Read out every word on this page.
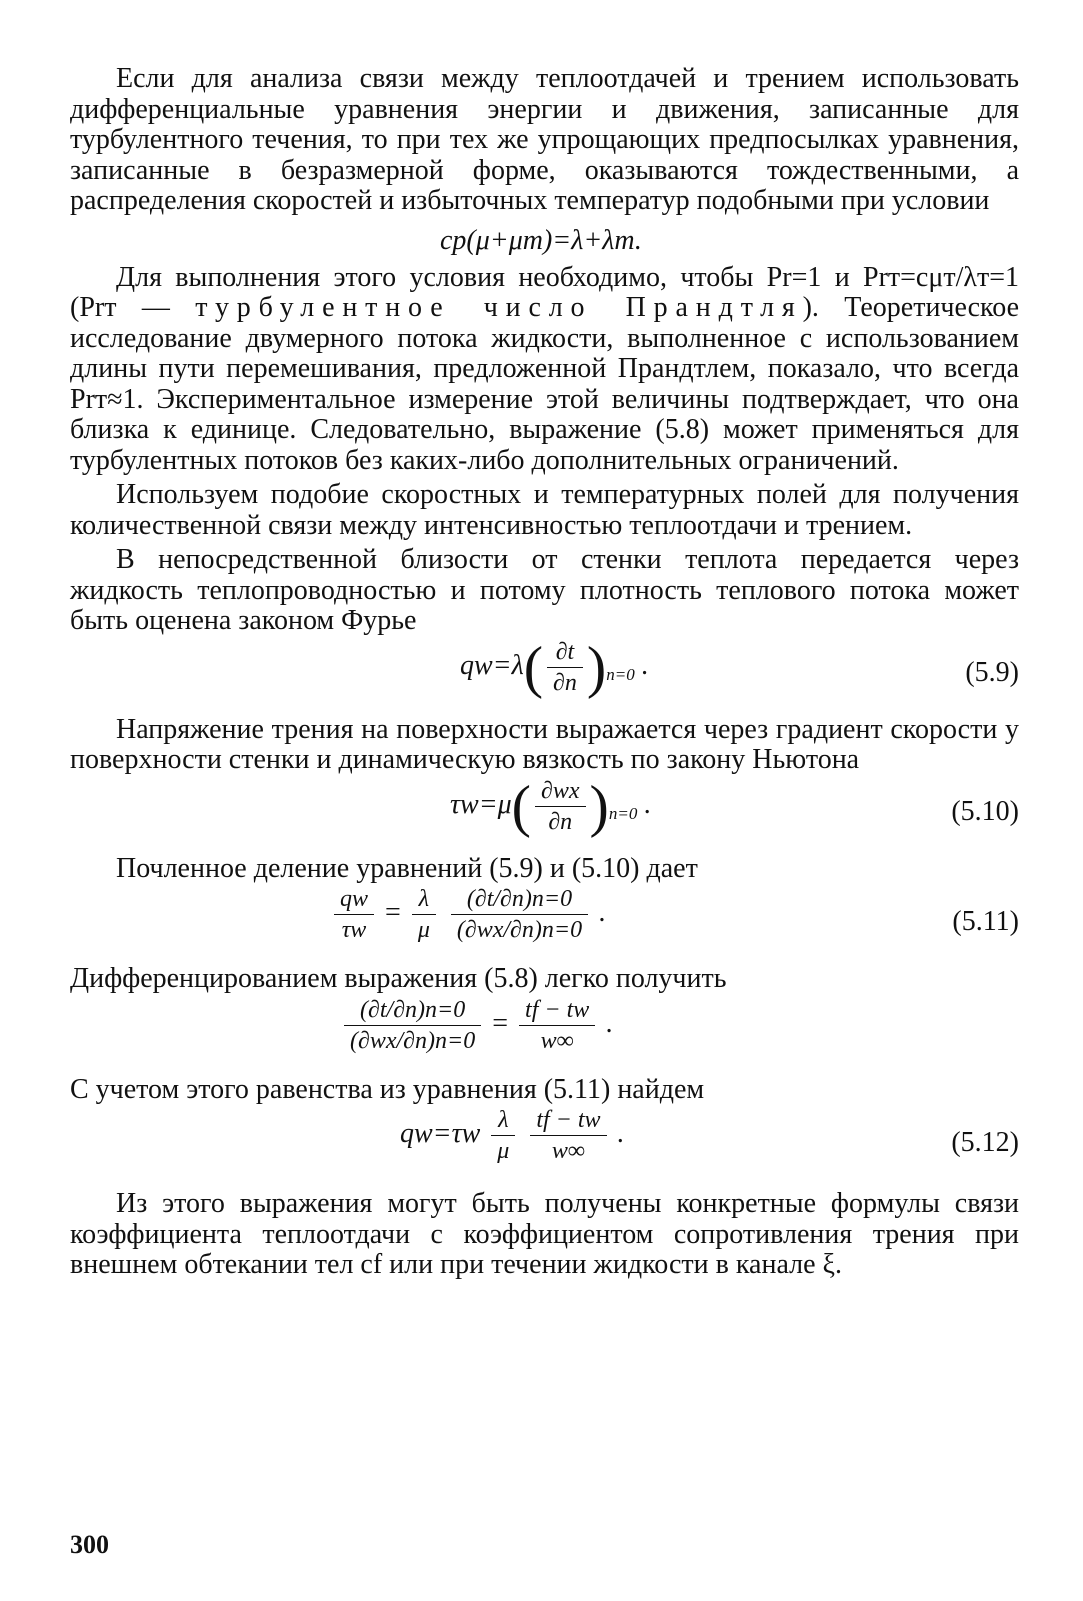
Если для анализа связи между теплоотдачей и трением использовать дифференциальные уравнения энергии и движения, записанные для турбулентного течения, то при тех же упрощающих предпосылках уравнения, записанные в безразмерной форме, оказываются тождественными, а распределения скоростей и избыточных температур подобными при условии

cp(μ+μт)=λ+λт.

Для выполнения этого условия необходимо, чтобы Pr=1 и Prт=cμт/λт=1 (Prт — турбулентное число Прандтля). Теоретическое исследование двумерного потока жидкости, выполненное с использованием длины пути перемешивания, предложенной Прандтлем, показало, что всегда Prт≈1. Экспериментальное измерение этой величины подтверждает, что она близка к единице. Следовательно, выражение (5.8) может применяться для турбулентных потоков без каких-либо дополнительных ограничений.

Используем подобие скоростных и температурных полей для получения количественной связи между интенсивностью теплоотдачи и трением.

В непосредственной близости от стенки теплота передается через жидкость теплопроводностью и потому плотность теплового потока может быть оценена законом Фурье

$qw=\lambda( \frac{\partial t}{\partial n} )_{n=0}$ .	(5.9)

Напряжение трения на поверхности выражается через градиент скорости у поверхности стенки и динамическую вязкость по закону Ньютона

$\tau w=\mu( \frac{\partial wx}{\partial n} )_{n=0}$ .	(5.10)

Почленное деление уравнений (5.9) и (5.10) дает

$\frac{qw}{\tau w} = \frac{\lambda}{\mu}$
$\frac{(\partial t/\partial n)n=0}{(\partial wx/\partial n)n=0}$ .	(5.11)

Дифференцированием выражения (5.8) легко получить

$\frac{(\partial t/\partial n)n=0}{(\partial wx/\partial n)n=0} = \frac{tf - tw}{w\infty}$ .

С учетом этого равенства из уравнения (5.11) найдем

$qw=\tau w \frac{\lambda}{\mu}$
$\frac{tf - tw}{w\infty}$ .	(5.12)

Из этого выражения могут быть получены конкретные формулы связи коэффициента теплоотдачи с коэффициентом сопротивления трения при внешнем обтекании тел cf или при течении жидкости в канале ξ.

300
